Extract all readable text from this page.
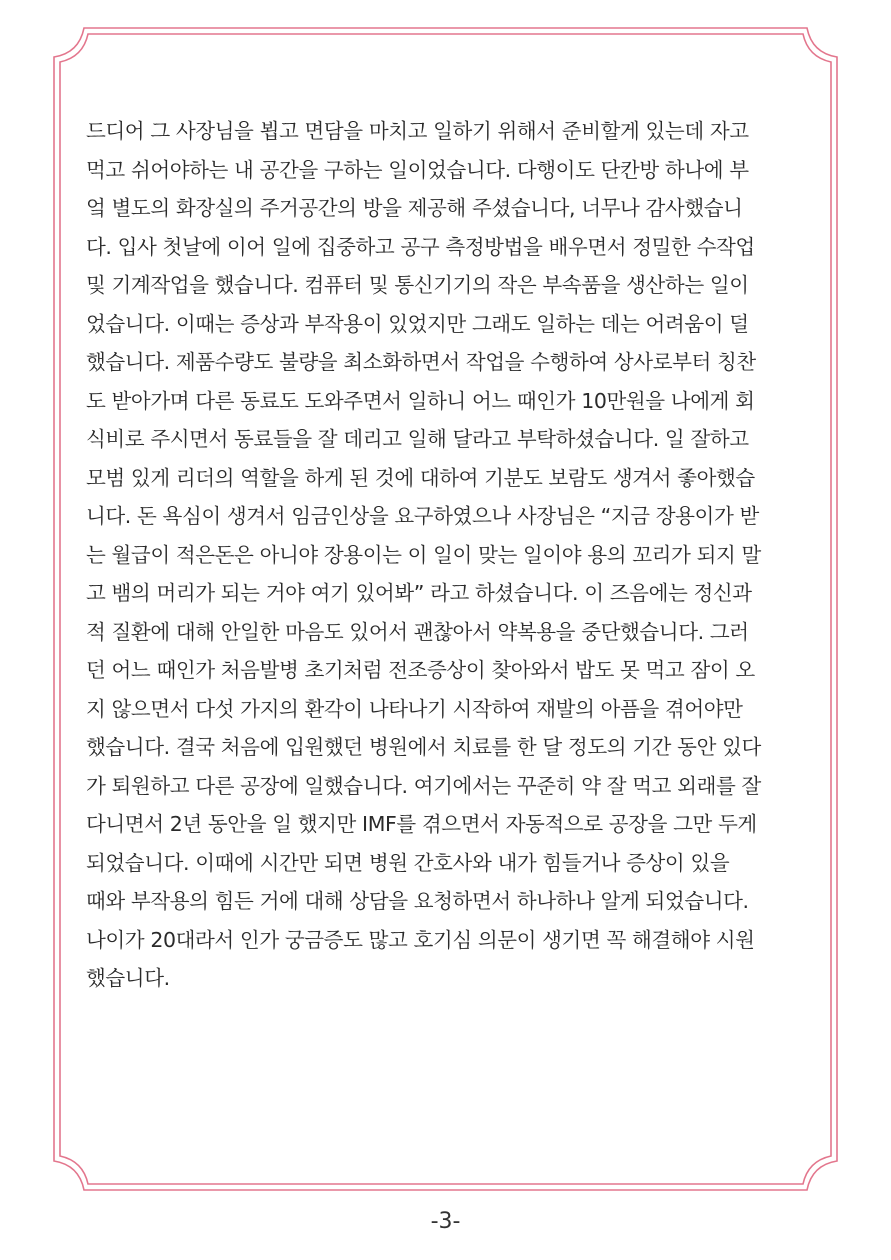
드디어 그 사장님을 뵙고 면담을 마치고 일하기 위해서 준비할게 있는데 자고
먹고 쉬어야하는 내 공간을 구하는 일이었습니다. 다행이도 단칸방 하나에 부
엌 별도의 화장실의 주거공간의 방을 제공해 주셨습니다, 너무나 감사했습니
다. 입사 첫날에 이어 일에 집중하고 공구 측정방법을 배우면서 정밀한 수작업
및 기계작업을 했습니다. 컴퓨터 및 통신기기의 작은 부속품을 생산하는 일이
었습니다. 이때는 증상과 부작용이 있었지만 그래도 일하는 데는 어려움이 덜
했습니다. 제품수량도 불량을 최소화하면서 작업을 수행하여 상사로부터 칭찬
도 받아가며 다른 동료도 도와주면서 일하니 어느 때인가 10만원을 나에게 회
식비로 주시면서 동료들을 잘 데리고 일해 달라고 부탁하셨습니다. 일 잘하고
모범 있게 리더의 역할을 하게 된 것에 대하여 기분도 보람도 생겨서 좋아했습
니다. 돈 욕심이 생겨서 임금인상을 요구하였으나 사장님은 “지금 장용이가 받
는 월급이 적은돈은 아니야 장용이는 이 일이 맞는 일이야 용의 꼬리가 되지 말
고 뱀의 머리가 되는 거야 여기 있어봐” 라고 하셨습니다. 이 즈음에는 정신과
적 질환에 대해 안일한 마음도 있어서 괜찮아서 약복용을 중단했습니다. 그러
던 어느 때인가 처음발병 초기처럼 전조증상이 찾아와서 밥도 못 먹고 잠이 오
지 않으면서 다섯 가지의 환각이 나타나기 시작하여 재발의 아픔을 겪어야만
했습니다. 결국 처음에 입원했던 병원에서 치료를 한 달 정도의 기간 동안 있다
가 퇴원하고 다른 공장에 일했습니다. 여기에서는 꾸준히 약 잘 먹고 외래를 잘
다니면서 2년 동안을 일 했지만 IMF를 겪으면서 자동적으로 공장을 그만 두게
되었습니다. 이때에 시간만 되면 병원 간호사와 내가 힘들거나 증상이 있을
때와 부작용의 힘든 거에 대해 상담을 요청하면서 하나하나 알게 되었습니다.
나이가 20대라서 인가 궁금증도 많고 호기심 의문이 생기면 꼭 해결해야 시원
했습니다.
-3-
